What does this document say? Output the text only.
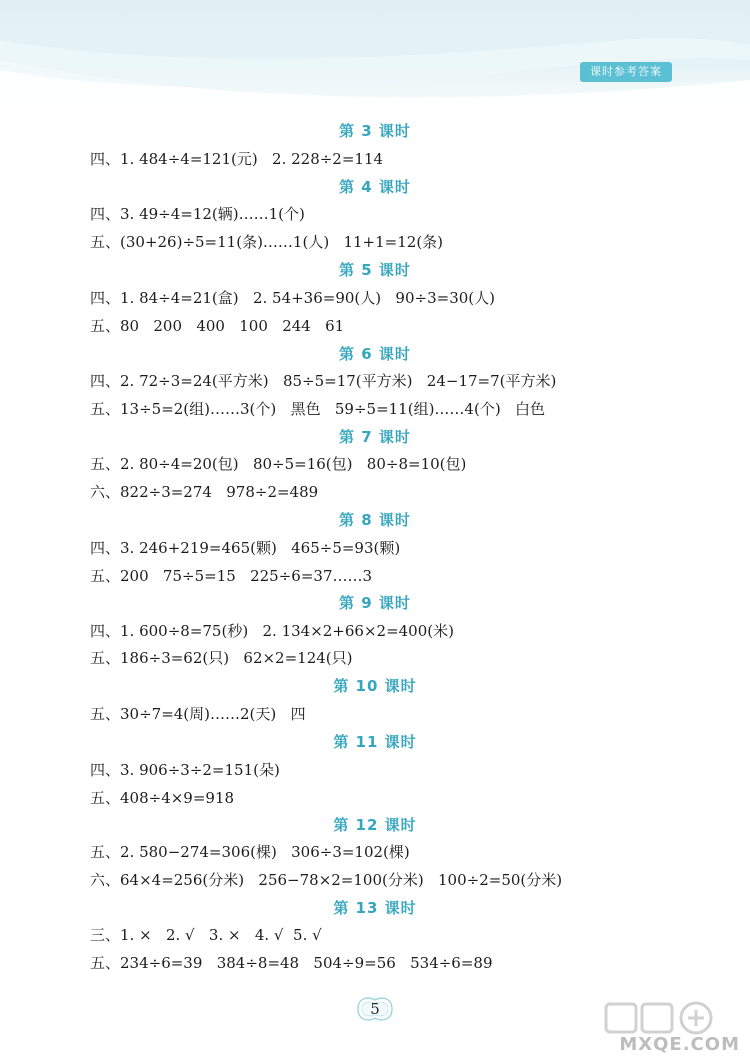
课时参考答案
第 3 课时
四、1. 484÷4=121(元)   2. 228÷2=114
第 4 课时
四、3. 49÷4=12(辆)……1(个)
五、(30+26)÷5=11(条)……1(人)   11+1=12(条)
第 5 课时
四、1. 84÷4=21(盒)   2. 54+36=90(人)   90÷3=30(人)
五、80   200   400   100   244   61
第 6 课时
四、2. 72÷3=24(平方米)   85÷5=17(平方米)   24−17=7(平方米)
五、13÷5=2(组)……3(个)   黑色   59÷5=11(组)……4(个)   白色
第 7 课时
五、2. 80÷4=20(包)   80÷5=16(包)   80÷8=10(包)
六、822÷3=274   978÷2=489
第 8 课时
四、3. 246+219=465(颗)   465÷5=93(颗)
五、200   75÷5=15   225÷6=37……3
第 9 课时
四、1. 600÷8=75(秒)   2. 134×2+66×2=400(米)
五、186÷3=62(只)   62×2=124(只)
第 10 课时
五、30÷7=4(周)……2(天)   四
第 11 课时
四、3. 906÷3÷2=151(朵)
五、408÷4×9=918
第 12 课时
五、2. 580−274=306(棵)   306÷3=102(棵)
六、64×4=256(分米)   256−78×2=100(分米)   100÷2=50(分米)
第 13 课时
三、1. ×   2. √   3. ×   4. √  5. √
五、234÷6=39   384÷8=48   504÷9=56   534÷6=89
5
MXQE.COM
